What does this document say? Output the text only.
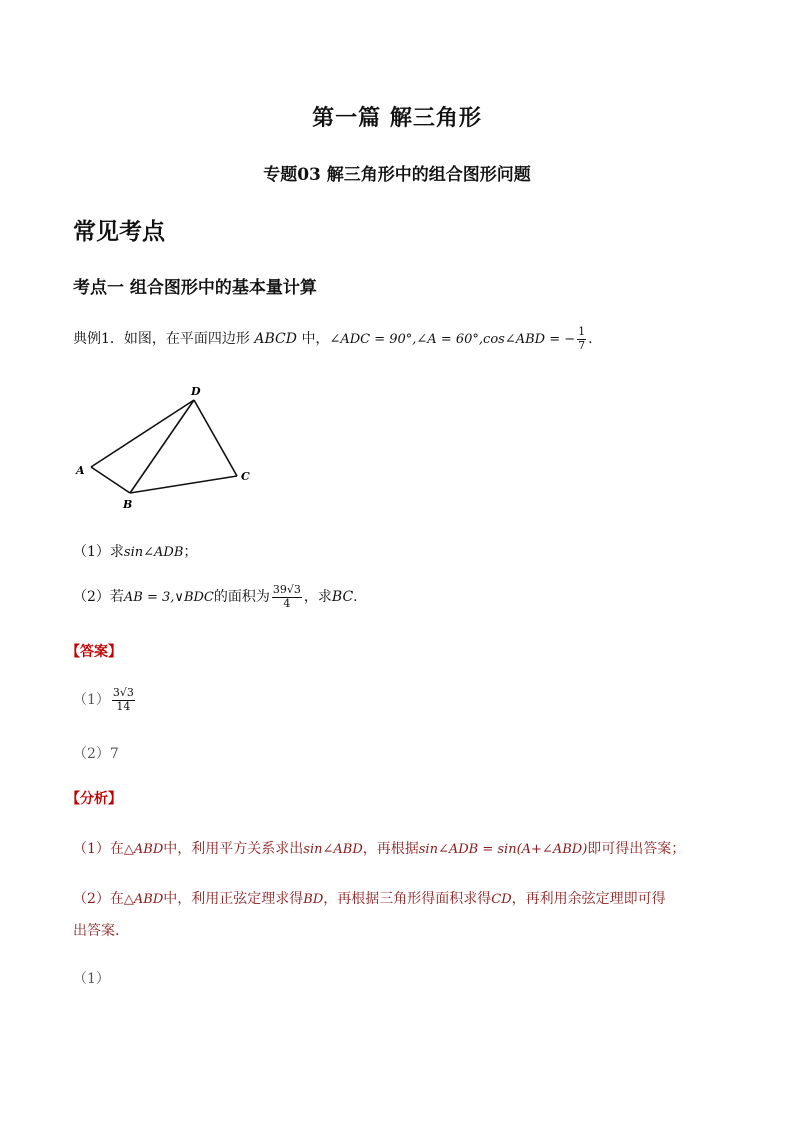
第一篇 解三角形
专题03 解三角形中的组合图形问题
常见考点
考点一 组合图形中的基本量计算
典例1．如图，在平面四边形 ABCD 中，∠ADC = 90°,∠A = 60°,cos∠ABD = − $\frac{1}{7}$ .
A
B
C
D
（1）求sin∠ADB；
（2）若AB = 3,∨BDC的面积为 $\frac{39√3}{4}$ ，求BC.
【答案】
$(1) \frac{3√3}{14}$
（2）7
【分析】
（1）在△ABD中，利用平方关系求出sin∠ABD，再根据sin∠ADB = sin(A+∠ABD)即可得出答案；
（2）在△ABD中，利用正弦定理求得BD，再根据三角形得面积求得CD，再利用余弦定理即可得
出答案.
（1）
